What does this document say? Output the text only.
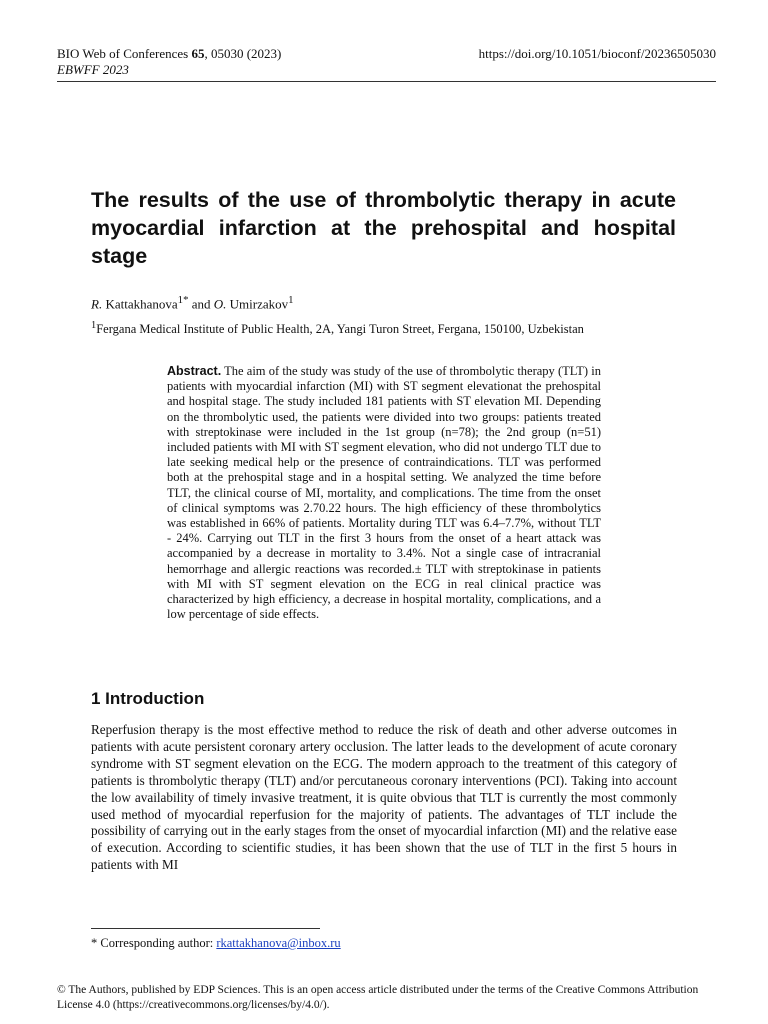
BIO Web of Conferences 65, 05030 (2023)
EBWFF 2023
https://doi.org/10.1051/bioconf/20236505030
The results of the use of thrombolytic therapy in acute myocardial infarction at the prehospital and hospital stage
R. Kattakhanova$^{1*}$ and O. Umirzakov$^1$
$^1$Fergana Medical Institute of Public Health, 2A, Yangi Turon Street, Fergana, 150100, Uzbekistan

Abstract. The aim of the study was study of the use of thrombolytic therapy (TLT) in patients with myocardial infarction (MI) with ST segment elevationat the prehospital and hospital stage. The study included 181 patients with ST elevation MI. Depending on the thrombolytic used, the patients were divided into two groups: patients treated with streptokinase were included in the 1st group (n=78); the 2nd group (n=51) included patients with MI with ST segment elevation, who did not undergo TLT due to late seeking medical help or the presence of contraindications. TLT was performed both at the prehospital stage and in a hospital setting. We analyzed the time before TLT, the clinical course of MI, mortality, and complications. The time from the onset of clinical symptoms was 2.70.22 hours. The high efficiency of these thrombolytics was established in 66% of patients. Mortality during TLT was 6.4–7.7%, without TLT - 24%. Carrying out TLT in the first 3 hours from the onset of a heart attack was accompanied by a decrease in mortality to 3.4%. Not a single case of intracranial hemorrhage and allergic reactions was recorded.± TLT with streptokinase in patients with MI with ST segment elevation on the ECG in real clinical practice was characterized by high efficiency, a decrease in hospital mortality, complications, and a low percentage of side effects.

1 Introduction

Reperfusion therapy is the most effective method to reduce the risk of death and other adverse outcomes in patients with acute persistent coronary artery occlusion. The latter leads to the development of acute coronary syndrome with ST segment elevation on the ECG. The modern approach to the treatment of this category of patients is thrombolytic therapy (TLT) and/or percutaneous coronary interventions (PCI). Taking into account the low availability of timely invasive treatment, it is quite obvious that TLT is currently the most commonly used method of myocardial reperfusion for the majority of patients. The advantages of TLT include the possibility of carrying out in the early stages from the onset of myocardial infarction (MI) and the relative ease of execution. According to scientific studies, it has been shown that the use of TLT in the first 5 hours in patients with MI

* Corresponding author: rkattakhanova@inbox.ru
© The Authors, published by EDP Sciences. This is an open access article distributed under the terms of the Creative Commons Attribution License 4.0 (https://creativecommons.org/licenses/by/4.0/).
